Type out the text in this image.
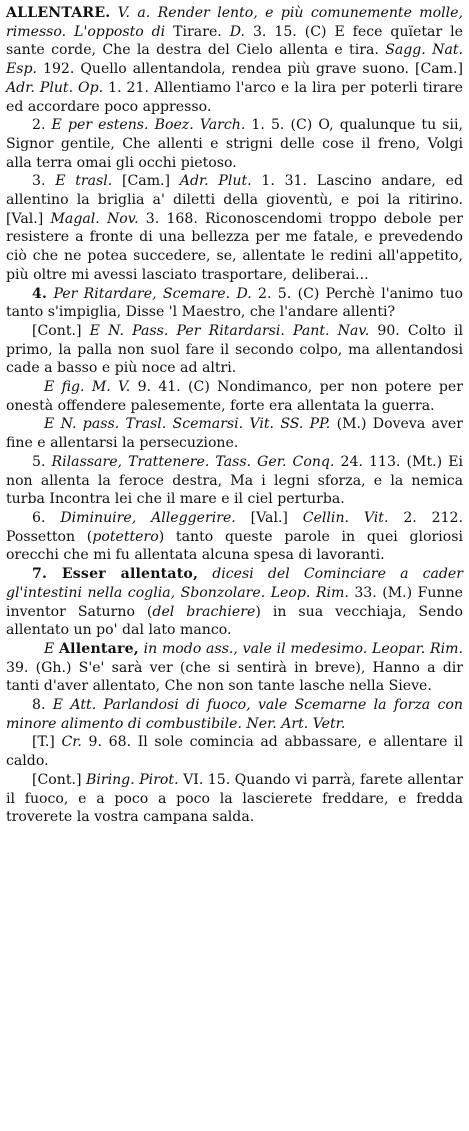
ALLENTARE. V. a. Render lento, e più comunemente molle, rimesso. L'opposto di Tirare. D. 3. 15. (C) E fece quïetar le sante corde, Che la destra del Cielo allenta e tira. Sagg. Nat. Esp. 192. Quello allentandola, rendea più grave suono. [Cam.] Adr. Plut. Op. 1. 21. Allentiamo l'arco e la lira per poterli tirare ed accordare poco appresso.

2. E per estens. Boez. Varch. 1. 5. (C) O, qualunque tu sii, Signor gentile, Che allenti e strigni delle cose il freno, Volgi alla terra omai gli occhi pietoso.

3. E trasl. [Cam.] Adr. Plut. 1. 31. Lascino andare, ed allentino la briglia a' diletti della gioventù, e poi la ritirino. [Val.] Magal. Nov. 3. 168. Riconoscendomi troppo debole per resistere a fronte di una bellezza per me fatale, e prevedendo ciò che ne potea succedere, se, allentate le redini all'appetito, più oltre mi avessi lasciato trasportare, deliberai...

4. Per Ritardare, Scemare. D. 2. 5. (C) Perchè l'animo tuo tanto s'impiglia, Disse 'l Maestro, che l'andare allenti?

[Cont.] E N. Pass. Per Ritardarsi. Pant. Nav. 90. Colto il primo, la palla non suol fare il secondo colpo, ma allentandosi cade a basso e più noce ad altri.

E fig. M. V. 9. 41. (C) Nondimanco, per non potere per onestà offendere palesemente, forte era allentata la guerra.

E N. pass. Trasl. Scemarsi. Vit. SS. PP. (M.) Doveva aver fine e allentarsi la persecuzione.

5. Rilassare, Trattenere. Tass. Ger. Conq. 24. 113. (Mt.) Ei non allenta la feroce destra, Ma i legni sforza, e la nemica turba Incontra lei che il mare e il ciel perturba.

6. Diminuire, Alleggerire. [Val.] Cellin. Vit. 2. 212. Possetton (potettero) tanto queste parole in quei gloriosi orecchi che mi fu allentata alcuna spesa di lavoranti.

7. Esser allentato, dicesi del Cominciare a cader gl'intestini nella coglia, Sbonzolare. Leop. Rim. 33. (M.) Funne inventor Saturno (del brachiere) in sua vecchiaja, Sendo allentato un po' dal lato manco.

E Allentare, in modo ass., vale il medesimo. Leopar. Rim. 39. (Gh.) S'e' sarà ver (che si sentirà in breve), Hanno a dir tanti d'aver allentato, Che non son tante lasche nella Sieve.

8. E Att. Parlandosi di fuoco, vale Scemarne la forza con minore alimento di combustibile. Ner. Art. Vetr.

[T.] Cr. 9. 68. Il sole comincia ad abbassare, e allentare il caldo.

[Cont.] Biring. Pirot. VI. 15. Quando vi parrà, farete allentar il fuoco, e a poco a poco la lascierete freddare, e fredda troverete la vostra campana salda.
